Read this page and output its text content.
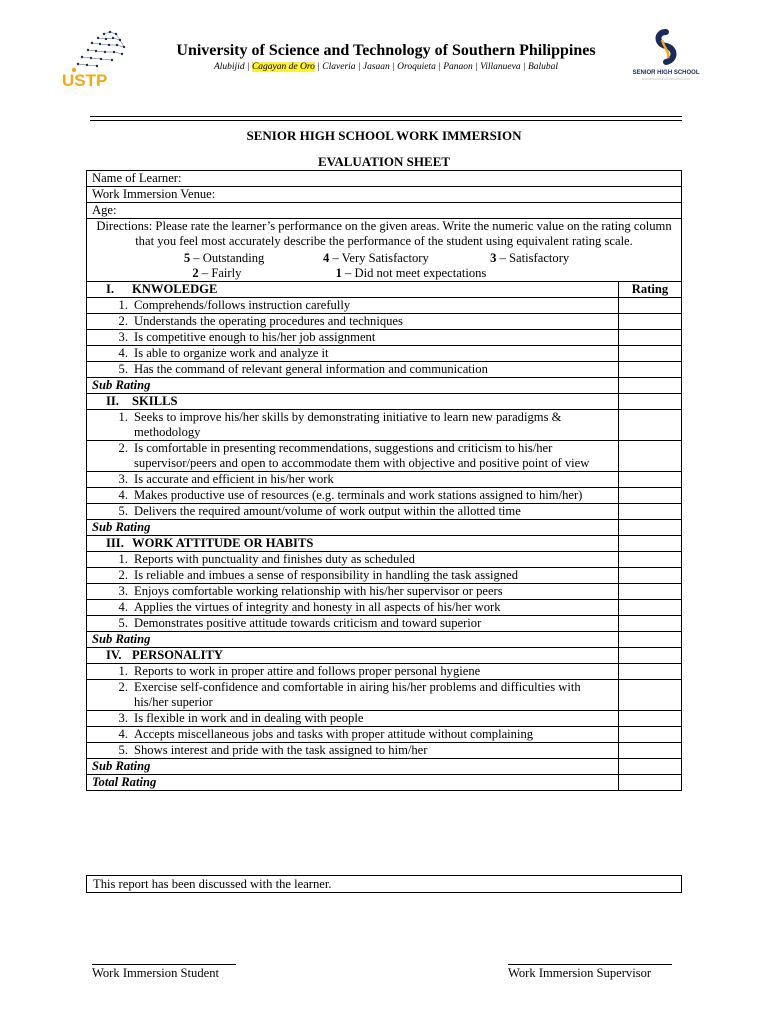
USTP
University of Science and Technology of Southern Philippines
Alubijid | Cagayan de Oro | Claveria | Jasaan | Oroquieta | Panaon | Villanueva | Balubal
SENIOR HIGH SCHOOL
SENIOR HIGH SCHOOL WORK IMMERSION
EVALUATION SHEET
Name of Learner:	
Work Immersion Venue:	
Age:	

Directions: Please rate the learner’s performance on the given areas. Write the numeric value on the rating column that you feel most accurately describe the performance of the student using equivalent rating scale.
5 – Outstanding 4 – Very Satisfactory 3 – Satisfactory
2 – Fairly 1 – Did not meet expectations	

I. KNWOLEDGE	Rating
1. Comprehends/follows instruction carefully	
2. Understands the operating procedures and techniques	
3. Is competitive enough to his/her job assignment	
4. Is able to organize work and analyze it	
5. Has the command of relevant general information and communication	
Sub Rating	
II. SKILLS	
1. Seeks to improve his/her skills by demonstrating initiative to learn new paradigms & methodology	
2. Is comfortable in presenting recommendations, suggestions and criticism to his/her supervisor/peers and open to accommodate them with objective and positive point of view	
3. Is accurate and efficient in his/her work	
4. Makes productive use of resources (e.g. terminals and work stations assigned to him/her)	
5. Delivers the required amount/volume of work output within the allotted time	
Sub Rating	
III. WORK ATTITUDE OR HABITS	
1. Reports with punctuality and finishes duty as scheduled	
2. Is reliable and imbues a sense of responsibility in handling the task assigned	
3. Enjoys comfortable working relationship with his/her supervisor or peers	
4. Applies the virtues of integrity and honesty in all aspects of his/her work	
5. Demonstrates positive attitude towards criticism and toward superior	
Sub Rating	
IV. PERSONALITY	
1. Reports to work in proper attire and follows proper personal hygiene	
2. Exercise self-confidence and comfortable in airing his/her problems and difficulties with his/her superior	
3. Is flexible in work and in dealing with people	
4. Accepts miscellaneous jobs and tasks with proper attitude without complaining	
5. Shows interest and pride with the task assigned to him/her	
Sub Rating	
Total Rating	
This report has been discussed with the learner.
Work Immersion Student	Work Immersion Supervisor
